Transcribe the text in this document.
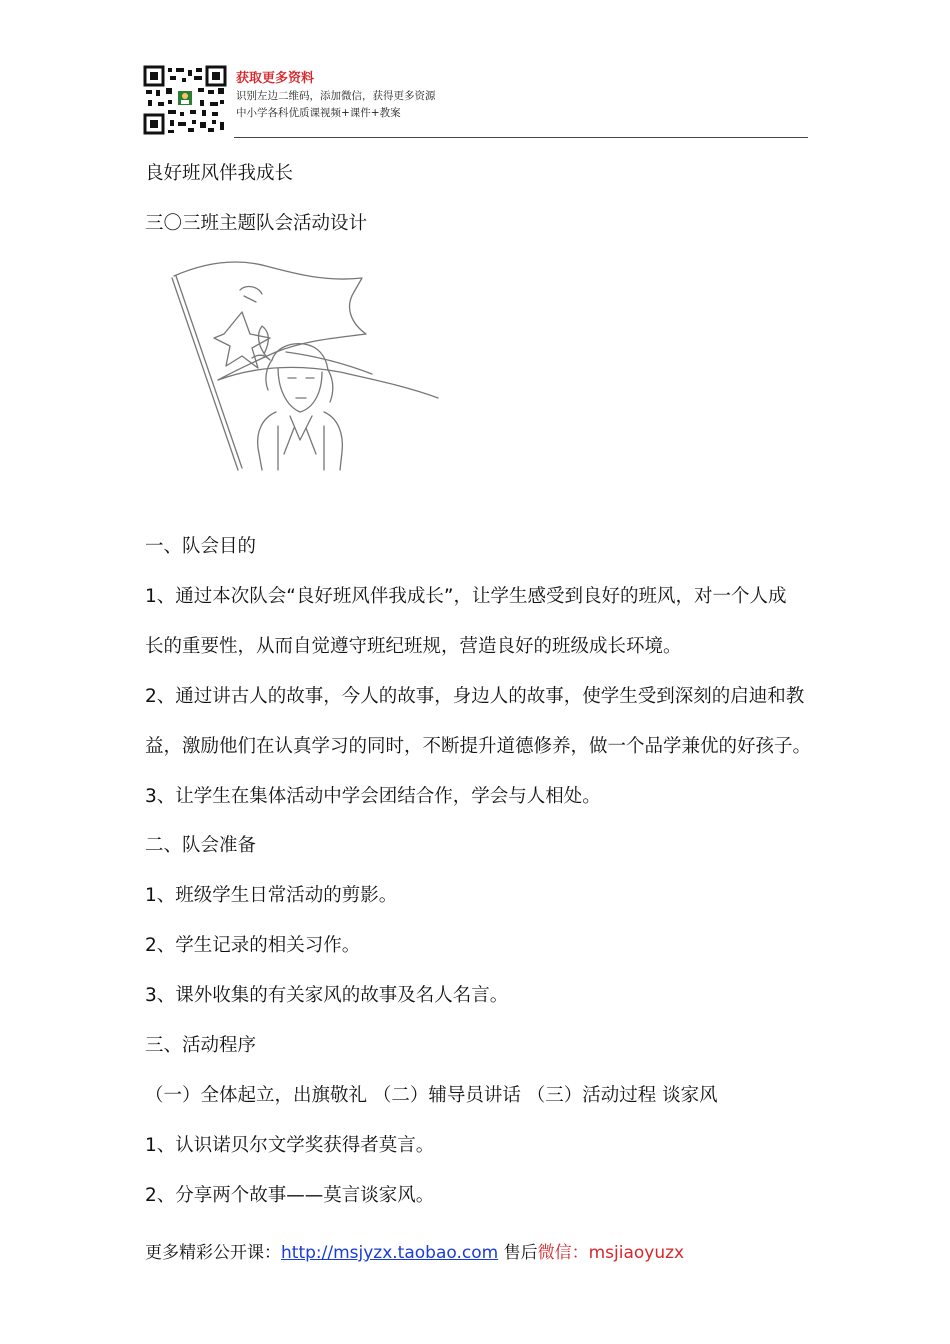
获取更多资料
识别左边二维码，添加微信，获得更多资源
中小学各科优质课视频+课件+教案
良好班风伴我成长
三〇三班主题队会活动设计
一、队会目的
1、通过本次队会“良好班风伴我成长”，让学生感受到良好的班风，对一个人成
长的重要性，从而自觉遵守班纪班规，营造良好的班级成长环境。
2、通过讲古人的故事，今人的故事，身边人的故事，使学生受到深刻的启迪和教
益，激励他们在认真学习的同时，不断提升道德修养，做一个品学兼优的好孩子。
3、让学生在集体活动中学会团结合作，学会与人相处。
二、队会准备
1、班级学生日常活动的剪影。
2、学生记录的相关习作。
3、课外收集的有关家风的故事及名人名言。
三、活动程序
（一）全体起立，出旗敬礼 （二）辅导员讲话 （三）活动过程 谈家风
1、认识诺贝尔文学奖获得者莫言。
2、分享两个故事——莫言谈家风。
更多精彩公开课：http://msjyzx.taobao.com 售后微信：msjiaoyuzx
